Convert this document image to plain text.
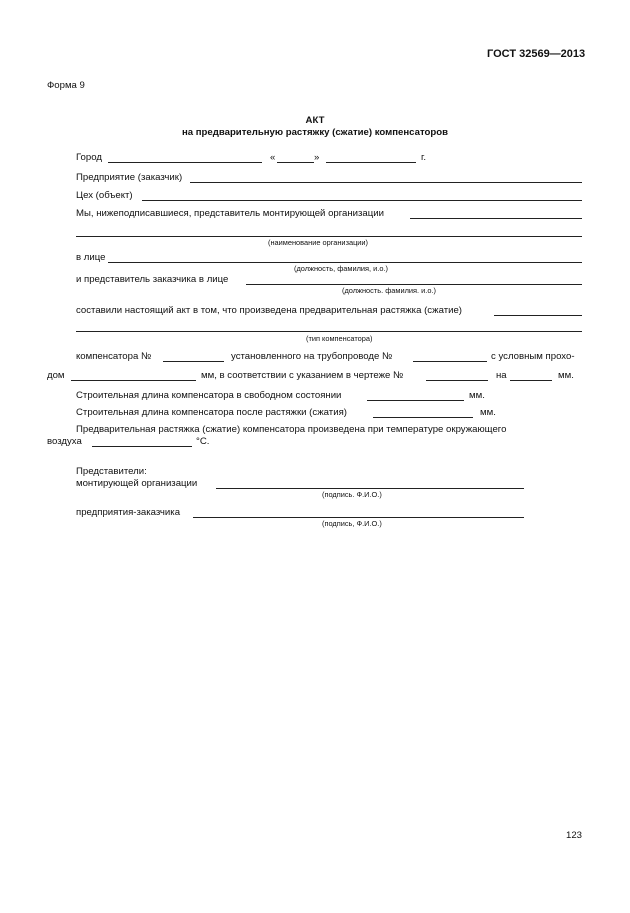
ГОСТ 32569—2013
Форма 9
АКТ
на предварительную растяжку (сжатие) компенсаторов
Город	«	»	г.
Предприятие (заказчик)
Цех (объект)
Мы, нижеподписавшиеся, представитель монтирующей организации
(наименование организации)
в лице
(должность, фамилия, и.о.)
и представитель заказчика в лице
(должность. фамилия. и.о.)
составили настоящий акт в том, что произведена предварительная растяжка (сжатие)
(тип компенсатора)
компенсатора №	установленного на трубопроводе №	с условным прохо-
дом	мм, в соответствии с указанием в чертеже №	на	мм.
Строительная длина компенсатора в свободном состоянии	мм.
Строительная длина компенсатора после растяжки (сжатия)	мм.
Предварительная растяжка (сжатие) компенсатора произведена при температуре окружающего
воздуха	°С.
Представители:
монтирующей организации
(подпись. Ф.И.О.)
предприятия-заказчика
(подпись, Ф.И.О.)
123
